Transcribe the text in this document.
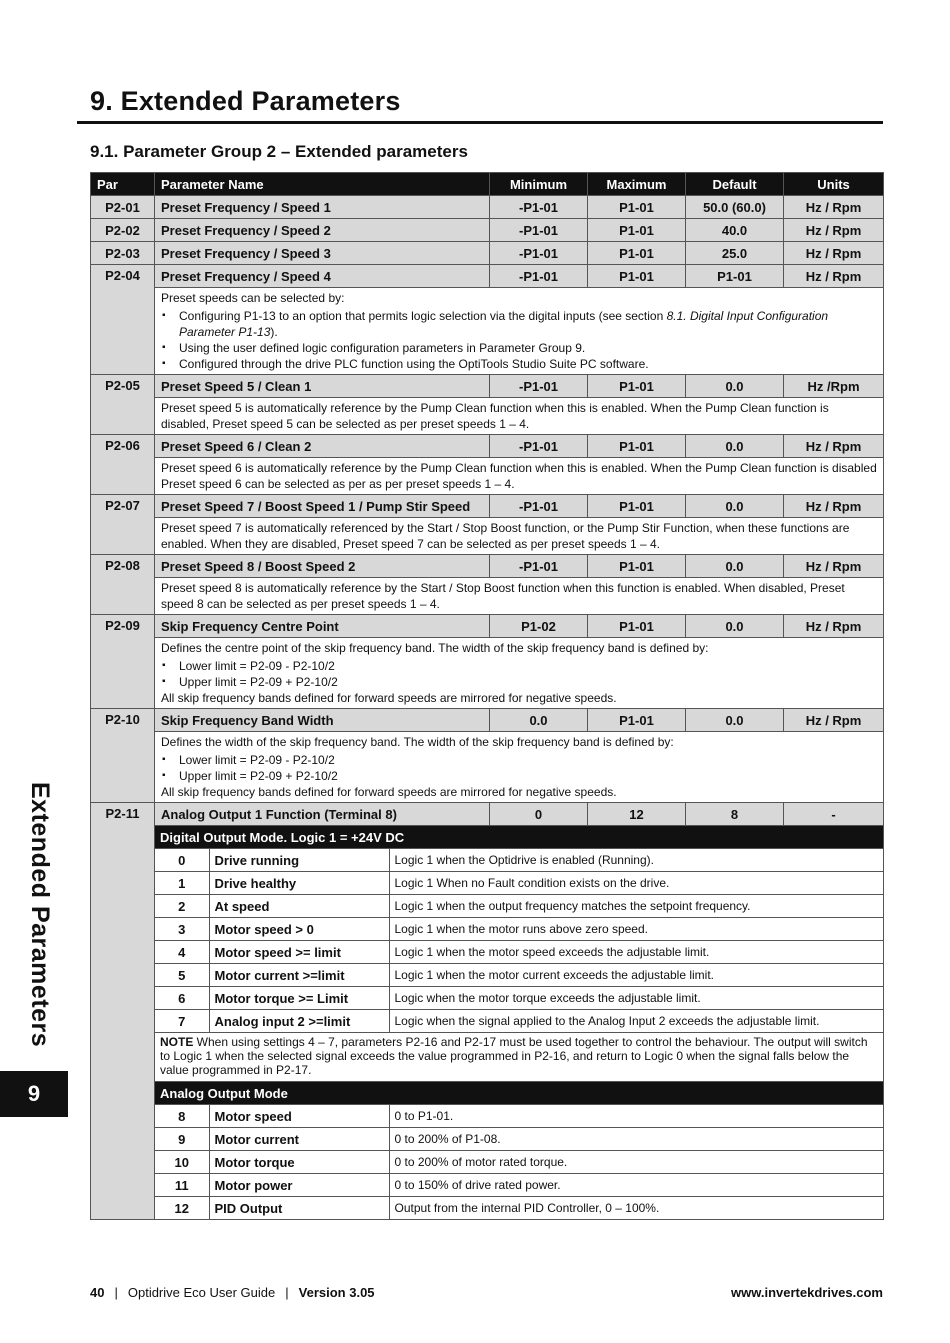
9. Extended Parameters
9.1. Parameter Group 2 – Extended parameters
Par	Parameter Name	Minimum	Maximum	Default	Units
P2-01	Preset Frequency / Speed 1	-P1-01	P1-01	50.0 (60.0)	Hz / Rpm
P2-02	Preset Frequency / Speed 2	-P1-01	P1-01	40.0	Hz / Rpm
P2-03	Preset Frequency / Speed 3	-P1-01	P1-01	25.0	Hz / Rpm
P2-04	Preset Frequency / Speed 4	-P1-01	P1-01	P1-01	Hz / Rpm

Preset speeds can be selected by:
▪ Configuring P1-13 to an option that permits logic selection via the digital inputs (see section 8.1. Digital Input Configuration Parameter P1-13).
▪ Using the user defined logic configuration parameters in Parameter Group 9.
▪ Configured through the drive PLC function using the OptiTools Studio Suite PC software.

P2-05	Preset Speed 5 / Clean 1	-P1-01	P1-01	0.0	Hz /Rpm
Preset speed 5 is automatically reference by the Pump Clean function when this is enabled. When the Pump Clean function is disabled, Preset speed 5 can be selected as per preset speeds 1 – 4.
P2-06	Preset Speed 6 / Clean 2	-P1-01	P1-01	0.0	Hz / Rpm
Preset speed 6 is automatically reference by the Pump Clean function when this is enabled. When the Pump Clean function is disabled Preset speed 6 can be selected as per as per preset speeds 1 – 4.
P2-07	Preset Speed 7 / Boost Speed 1 / Pump Stir Speed	-P1-01	P1-01	0.0	Hz / Rpm
Preset speed 7 is automatically referenced by the Start / Stop Boost function, or the Pump Stir Function, when these functions are enabled. When they are disabled, Preset speed 7 can be selected as per preset speeds 1 – 4.
P2-08	Preset Speed 8 / Boost Speed 2	-P1-01	P1-01	0.0	Hz / Rpm
Preset speed 8 is automatically reference by the Start / Stop Boost function when this function is enabled. When disabled, Preset speed 8 can be selected as per preset speeds 1 – 4.
P2-09	Skip Frequency Centre Point	P1-02	P1-01	0.0	Hz / Rpm

Defines the centre point of the skip frequency band. The width of the skip frequency band is defined by:
▪ Lower limit = P2-09 - P2-10/2
▪ Upper limit = P2-09 + P2-10/2
All skip frequency bands defined for forward speeds are mirrored for negative speeds.

P2-10	Skip Frequency Band Width	0.0	P1-01	0.0	Hz / Rpm

Defines the width of the skip frequency band. The width of the skip frequency band is defined by:
▪ Lower limit = P2-09 - P2-10/2
▪ Upper limit = P2-09 + P2-10/2
All skip frequency bands defined for forward speeds are mirrored for negative speeds.

P2-11	Analog Output 1 Function (Terminal 8)	0	12	8	-

Digital Output Mode. Logic 1 = +24V DC
0	Drive running	Logic 1 when the Optidrive is enabled (Running).
1	Drive healthy	Logic 1 When no Fault condition exists on the drive.
2	At speed	Logic 1 when the output frequency matches the setpoint frequency.
3	Motor speed > 0	Logic 1 when the motor runs above zero speed.
4	Motor speed >= limit	Logic 1 when the motor speed exceeds the adjustable limit.
5	Motor current >=limit	Logic 1 when the motor current exceeds the adjustable limit.
6	Motor torque >= Limit	Logic when the motor torque exceeds the adjustable limit.
7	Analog input 2 >=limit	Logic when the signal applied to the Analog Input 2 exceeds the adjustable limit.
NOTE When using settings 4 – 7, parameters P2-16 and P2-17 must be used together to control the behaviour. The output will switch to Logic 1 when the selected signal exceeds the value programmed in P2-16, and return to Logic 0 when the signal falls below the value programmed in P2-17.
Analog Output Mode
8	Motor speed	0 to P1-01.
9	Motor current	0 to 200% of P1-08.
10	Motor torque	0 to 200% of motor rated torque.
11	Motor power	0 to 150% of drive rated power.
12	PID Output	Output from the internal PID Controller, 0 – 100%.
Extended Parameters
9
40 | Optidrive Eco User Guide | Version 3.05	www.invertekdrives.com
